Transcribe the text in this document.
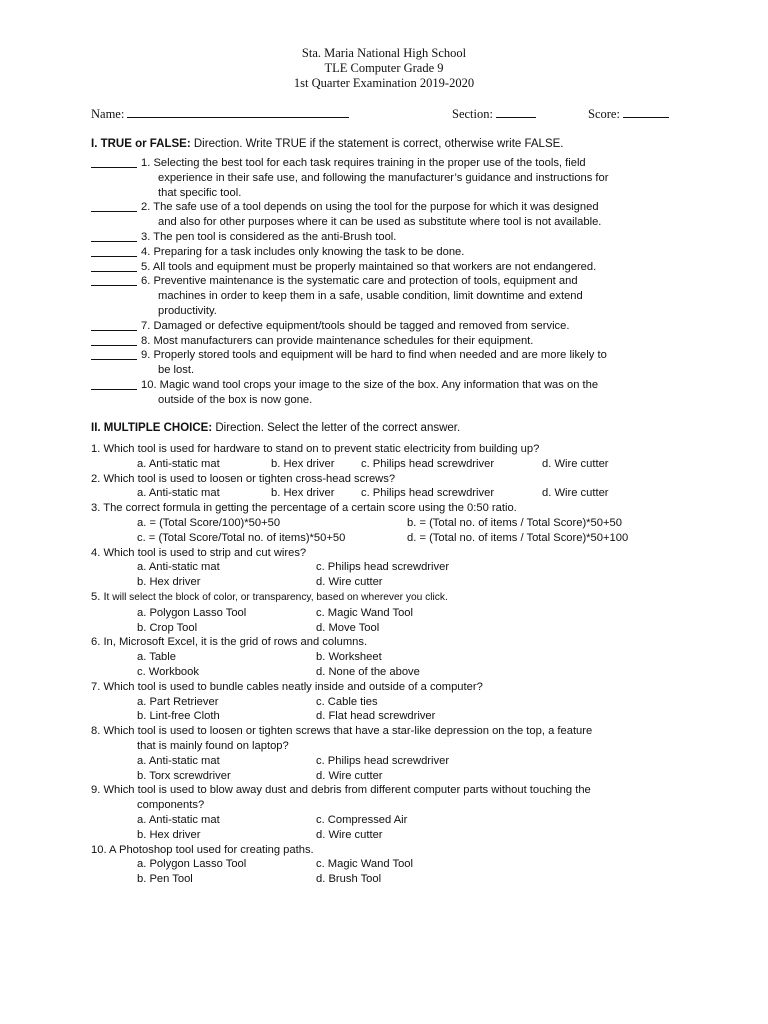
Sta. Maria National High School
TLE Computer Grade 9
1st Quarter Examination 2019-2020
Name:	Section:	Score:
I. TRUE or FALSE: Direction. Write TRUE if the statement is correct, otherwise write FALSE.
1. Selecting the best tool for each task requires training in the proper use of the tools, field
experience in their safe use, and following the manufacturer’s guidance and instructions for
that specific tool.
2. The safe use of a tool depends on using the tool for the purpose for which it was designed
and also for other purposes where it can be used as substitute where tool is not available.
3. The pen tool is considered as the anti-Brush tool.
4. Preparing for a task includes only knowing the task to be done.
5. All tools and equipment must be properly maintained so that workers are not endangered.
6. Preventive maintenance is the systematic care and protection of tools, equipment and
machines in order to keep them in a safe, usable condition, limit downtime and extend
productivity.
7. Damaged or defective equipment/tools should be tagged and removed from service.
8. Most manufacturers can provide maintenance schedules for their equipment.
9. Properly stored tools and equipment will be hard to find when needed and are more likely to
be lost.
10. Magic wand tool crops your image to the size of the box. Any information that was on the
outside of the box is now gone.
II. MULTIPLE CHOICE: Direction. Select the letter of the correct answer.
1. Which tool is used for hardware to stand on to prevent static electricity from building up?
a. Anti-static mat	b. Hex driver c. Philips head screwdriver	d. Wire cutter
2. Which tool is used to loosen or tighten cross-head screws?
a. Anti-static mat	b. Hex driver c. Philips head screwdriver	d. Wire cutter
3. The correct formula in getting the percentage of a certain score using the 0:50 ratio.
a. = (Total Score/100)*50+50	b. = (Total no. of items / Total Score)*50+50
c. = (Total Score/Total no. of items)*50+50	d. = (Total no. of items / Total Score)*50+100
4. Which tool is used to strip and cut wires?
a. Anti-static mat	c. Philips head screwdriver
b. Hex driver	d. Wire cutter
5. It will select the block of color, or transparency, based on wherever you click.
a. Polygon Lasso Tool	c. Magic Wand Tool
b. Crop Tool	d. Move Tool
6. In, Microsoft Excel, it is the grid of rows and columns.
a. Table	b. Worksheet
c. Workbook	d. None of the above
7. Which tool is used to bundle cables neatly inside and outside of a computer?
a. Part Retriever	c. Cable ties
b. Lint-free Cloth	d. Flat head screwdriver
8. Which tool is used to loosen or tighten screws that have a star-like depression on the top, a feature
that is mainly found on laptop?
a. Anti-static mat	c. Philips head screwdriver
b. Torx screwdriver	d. Wire cutter
9. Which tool is used to blow away dust and debris from different computer parts without touching the
components?
a. Anti-static mat	c. Compressed Air
b. Hex driver	d. Wire cutter
10. A Photoshop tool used for creating paths.
a. Polygon Lasso Tool	c. Magic Wand Tool
b. Pen Tool	d. Brush Tool
